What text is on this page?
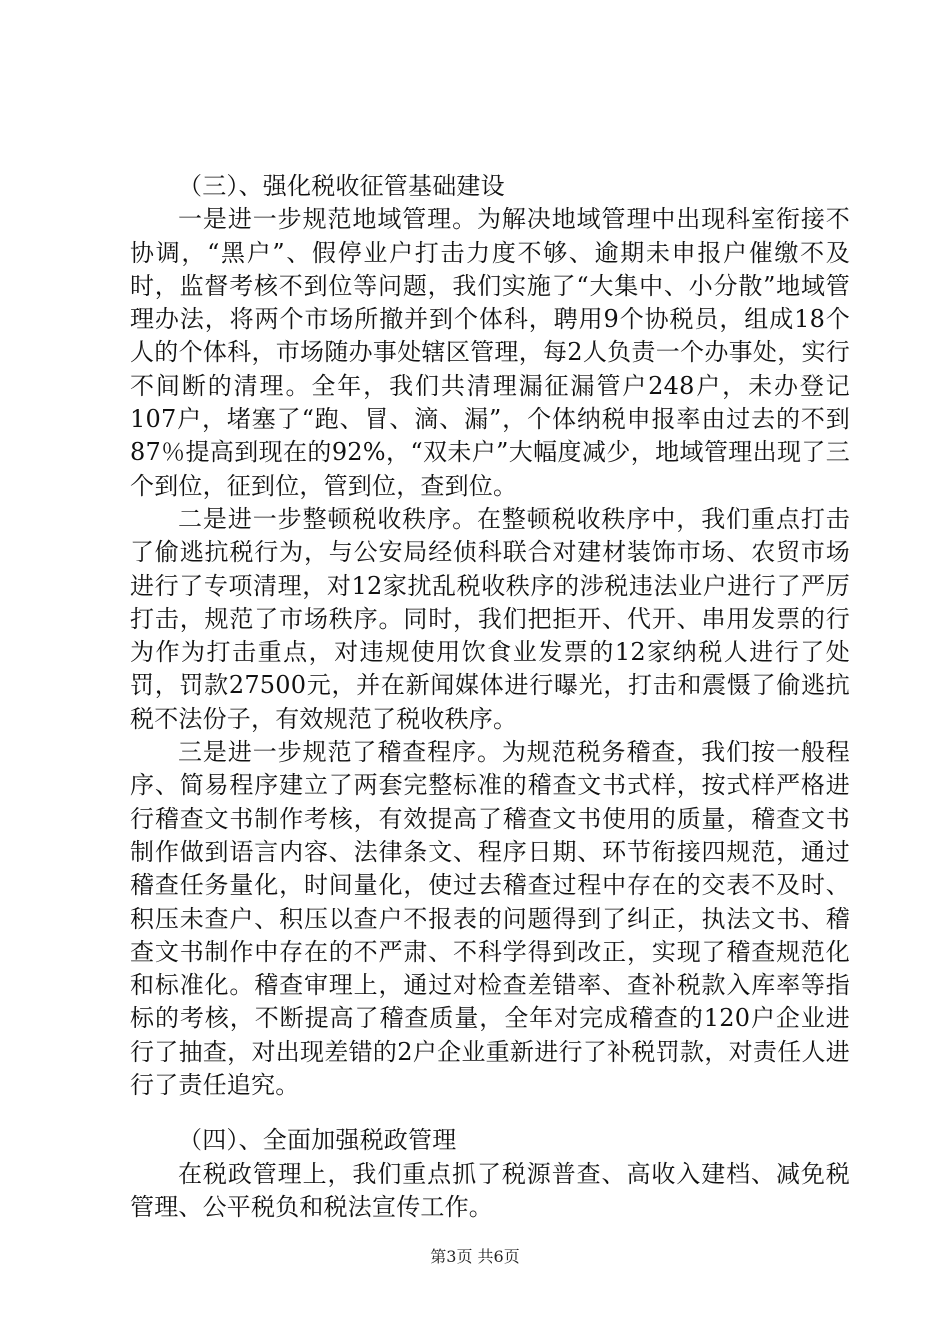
（三）、强化税收征管基础建设

一是进一步规范地域管理。为解决地域管理中出现科室衔接不协调，“黑户”、假停业户打击力度不够、逾期未申报户催缴不及时，监督考核不到位等问题，我们实施了“大集中、小分散”地域管理办法，将两个市场所撤并到个体科，聘用9个协税员，组成18个人的个体科，市场随办事处辖区管理，每2人负责一个办事处，实行不间断的清理。全年，我们共清理漏征漏管户248户，未办登记107户，堵塞了“跑、冒、滴、漏”，个体纳税申报率由过去的不到87％提高到现在的92%，“双未户”大幅度减少，地域管理出现了三个到位，征到位，管到位，查到位。

二是进一步整顿税收秩序。在整顿税收秩序中，我们重点打击了偷逃抗税行为，与公安局经侦科联合对建材装饰市场、农贸市场进行了专项清理，对12家扰乱税收秩序的涉税违法业户进行了严厉打击，规范了市场秩序。同时，我们把拒开、代开、串用发票的行为作为打击重点，对违规使用饮食业发票的12家纳税人进行了处罚，罚款27500元，并在新闻媒体进行曝光，打击和震慑了偷逃抗税不法份子，有效规范了税收秩序。

三是进一步规范了稽查程序。为规范税务稽查，我们按一般程序、简易程序建立了两套完整标准的稽查文书式样，按式样严格进行稽查文书制作考核，有效提高了稽查文书使用的质量，稽查文书制作做到语言内容、法律条文、程序日期、环节衔接四规范，通过稽查任务量化，时间量化，使过去稽查过程中存在的交表不及时、积压未查户、积压以查户不报表的问题得到了纠正，执法文书、稽查文书制作中存在的不严肃、不科学得到改正，实现了稽查规范化和标准化。稽查审理上，通过对检查差错率、查补税款入库率等指标的考核，不断提高了稽查质量，全年对完成稽查的120户企业进行了抽查，对出现差错的2户企业重新进行了补税罚款，对责任人进行了责任追究。

（四）、全面加强税政管理

在税政管理上，我们重点抓了税源普查、高收入建档、减免税管理、公平税负和税法宣传工作。

第3页 共6页
